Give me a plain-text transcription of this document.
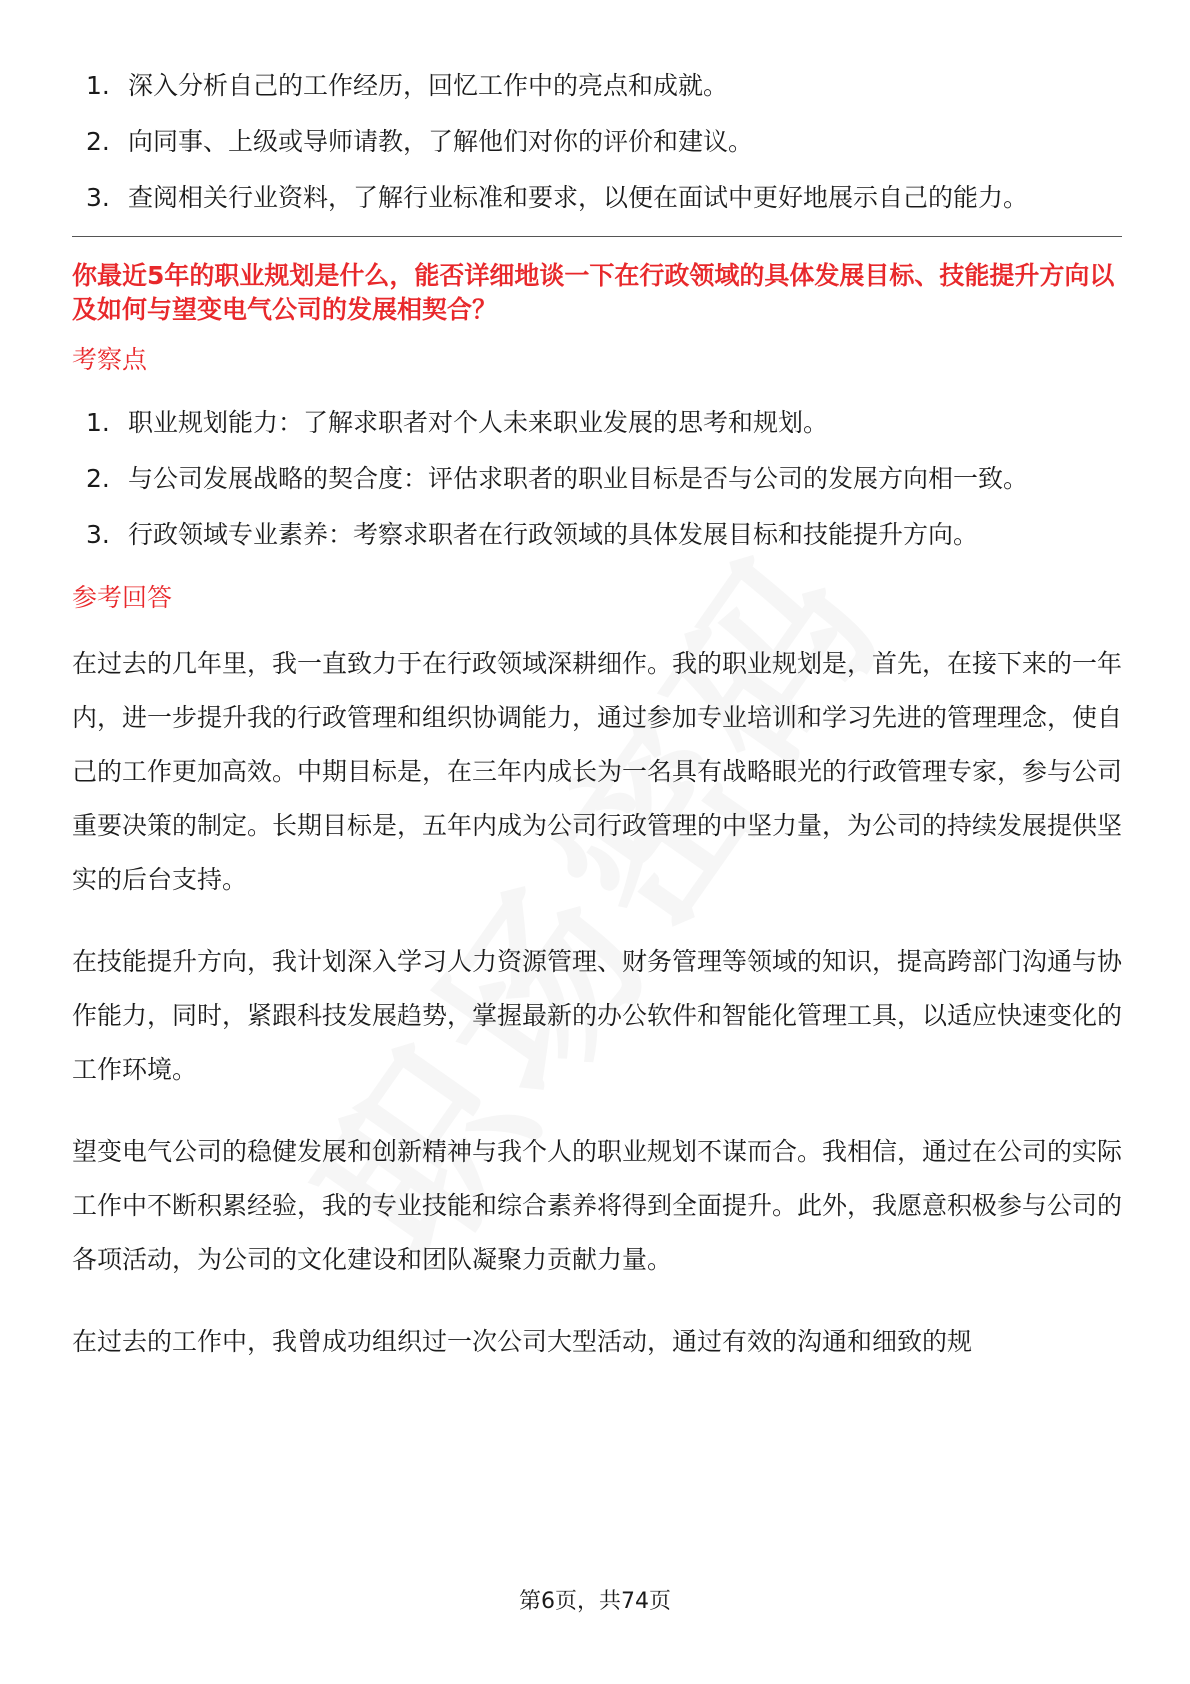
1. 深入分析自己的工作经历，回忆工作中的亮点和成就。
2. 向同事、上级或导师请教，了解他们对你的评价和建议。
3. 查阅相关行业资料，了解行业标准和要求，以便在面试中更好地展示自己的能力。
你最近5年的职业规划是什么，能否详细地谈一下在行政领域的具体发展目标、技能提升方向以及如何与望变电气公司的发展相契合？
考察点
1. 职业规划能力：了解求职者对个人未来职业发展的思考和规划。
2. 与公司发展战略的契合度：评估求职者的职业目标是否与公司的发展方向相一致。
3. 行政领域专业素养：考察求职者在行政领域的具体发展目标和技能提升方向。
参考回答

在过去的几年里，我一直致力于在行政领域深耕细作。我的职业规划是，首先，在接下来的一年内，进一步提升我的行政管理和组织协调能力，通过参加专业培训和学习先进的管理理念，使自己的工作更加高效。中期目标是，在三年内成长为一名具有战略眼光的行政管理专家，参与公司重要决策的制定。长期目标是，五年内成为公司行政管理的中坚力量，为公司的持续发展提供坚实的后台支持。

在技能提升方向，我计划深入学习人力资源管理、财务管理等领域的知识，提高跨部门沟通与协作能力，同时，紧跟科技发展趋势，掌握最新的办公软件和智能化管理工具，以适应快速变化的工作环境。

望变电气公司的稳健发展和创新精神与我个人的职业规划不谋而合。我相信，通过在公司的实际工作中不断积累经验，我的专业技能和综合素养将得到全面提升。此外，我愿意积极参与公司的各项活动，为公司的文化建设和团队凝聚力贡献力量。

在过去的工作中，我曾成功组织过一次公司大型活动，通过有效的沟通和细致的规

第6页，共74页
